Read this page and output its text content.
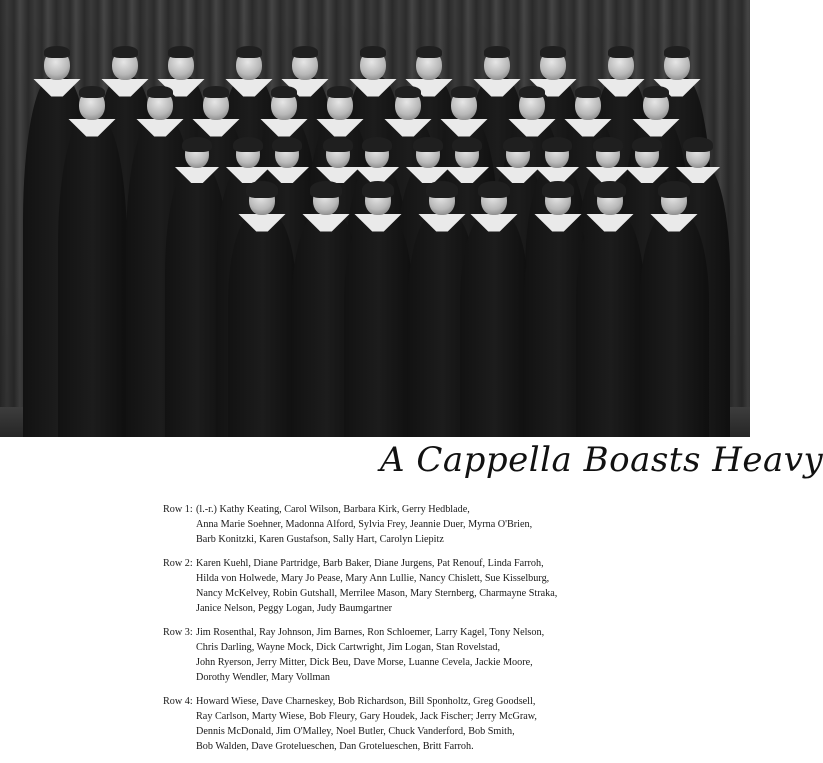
A Cappella Boasts Heavy
Row 1: (l.-r.) Kathy Keating, Carol Wilson, Barbara Kirk, Gerry Hedblade,
Anna Marie Soehner, Madonna Alford, Sylvia Frey, Jeannie Duer, Myrna O'Brien,
Barb Konitzki, Karen Gustafson, Sally Hart, Carolyn Liepitz
Row 2: Karen Kuehl, Diane Partridge, Barb Baker, Diane Jurgens, Pat Renouf, Linda Farroh,
Hilda von Holwede, Mary Jo Pease, Mary Ann Lullie, Nancy Chislett, Sue Kisselburg,
Nancy McKelvey, Robin Gutshall, Merrilee Mason, Mary Sternberg, Charmayne Straka,
Janice Nelson, Peggy Logan, Judy Baumgartner
Row 3: Jim Rosenthal, Ray Johnson, Jim Barnes, Ron Schloemer, Larry Kagel, Tony Nelson,
Chris Darling, Wayne Mock, Dick Cartwright, Jim Logan, Stan Rovelstad,
John Ryerson, Jerry Mitter, Dick Beu, Dave Morse, Luanne Cevela, Jackie Moore,
Dorothy Wendler, Mary Vollman
Row 4: Howard Wiese, Dave Charneskey, Bob Richardson, Bill Sponholtz, Greg Goodsell,
Ray Carlson, Marty Wiese, Bob Fleury, Gary Houdek, Jack Fischer; Jerry McGraw,
Dennis McDonald, Jim O'Malley, Noel Butler, Chuck Vanderford, Bob Smith,
Bob Walden, Dave Grotelueschen, Dan Grotelueschen, Britt Farroh.
